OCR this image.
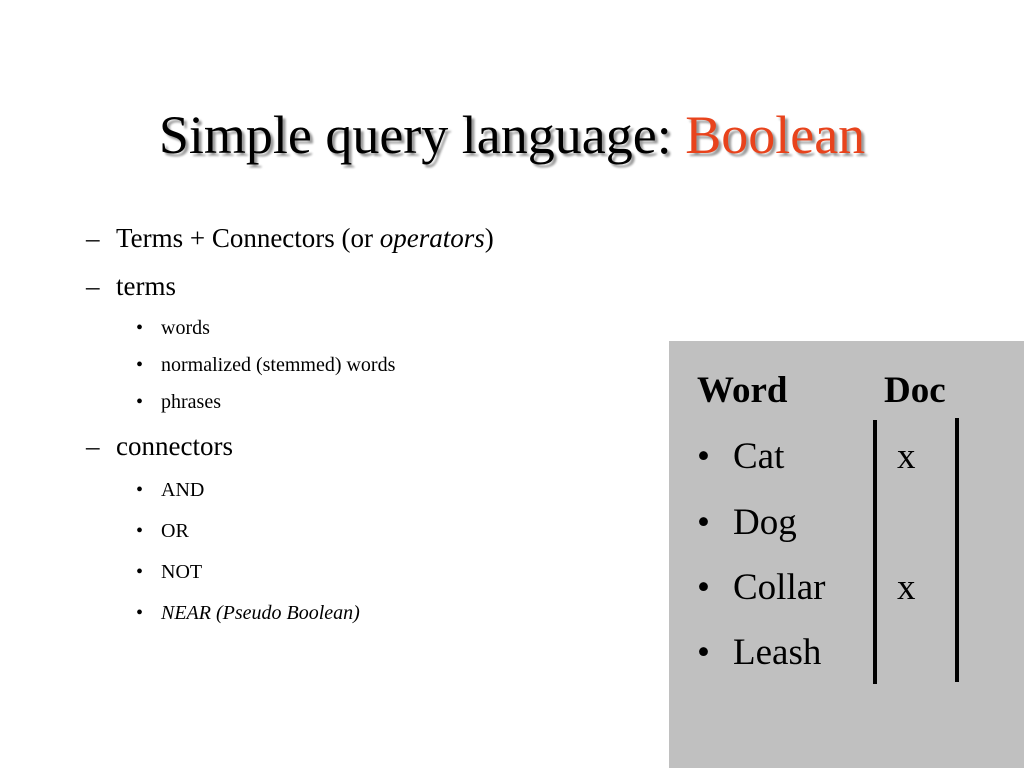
Simple query language: Boolean
– Terms + Connectors (or operators)
– terms
• words
• normalized (stemmed) words
• phrases
– connectors
• AND
• OR
• NOT
• NEAR (Pseudo Boolean)
Word	Doc
• Cat	x
• Dog
• Collar x
• Leash
